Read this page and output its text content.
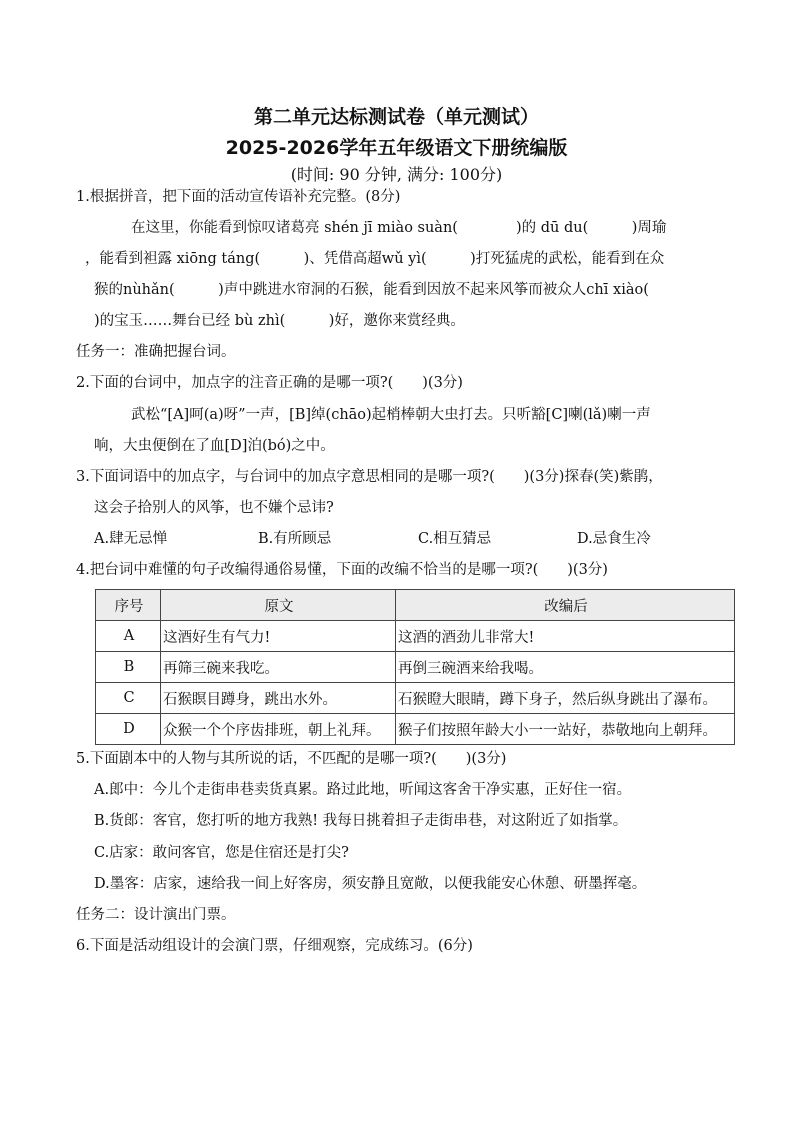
第二单元达标测试卷（单元测试）
2025-2026学年五年级语文下册统编版
(时间: 90 分钟, 满分: 100分)
1.根据拼音，把下面的活动宣传语补充完整。(8分)
在这里，你能看到惊叹诸葛亮 shén jī miào suàn(　　　　)的 dū du(　　　)周瑜
，能看到袒露 xiōng táng(　　　)、凭借高超wǔ yì(　　　)打死猛虎的武松，能看到在众
猴的nùhǎn(　　　)声中跳进水帘洞的石猴，能看到因放不起来风筝而被众人chī xiào(
)的宝玉……舞台已经 bù zhì(　　　)好，邀你来赏经典。
任务一：准确把握台词。
2.下面的台词中，加点字的注音正确的是哪一项?(　　)(3分)
武松“[A]呵(a)呀”一声，[B]绰(chāo)起梢棒朝大虫打去。只听豁[C]喇(lǎ)喇一声
响，大虫便倒在了血[D]泊(bó)之中。
3.下面词语中的加点字，与台词中的加点字意思相同的是哪一项?(　　)(3分)探春(笑)紫鹃，
这会子拾别人的风筝，也不嫌个忌讳?
A.肆无忌惮	B.有所顾忌	C.相互猜忌	D.忌食生冷
4.把台词中难懂的句子改编得通俗易懂，下面的改编不恰当的是哪一项?(　　)(3分)
序号	原文	改编后
A	这酒好生有气力!	这酒的酒劲儿非常大!
B	再筛三碗来我吃。	再倒三碗酒来给我喝。
C	石猴瞑目蹲身，跳出水外。	石猴瞪大眼睛，蹲下身子，然后纵身跳出了瀑布。
D	众猴一个个序齿排班，朝上礼拜。	猴子们按照年龄大小一一站好，恭敬地向上朝拜。
5.下面剧本中的人物与其所说的话，不匹配的是哪一项?(　　)(3分)
A.郎中：今儿个走街串巷卖货真累。路过此地，听闻这客舍干净实惠，正好住一宿。
B.货郎：客官，您打听的地方我熟! 我每日挑着担子走街串巷，对这附近了如指掌。
C.店家：敢问客官，您是住宿还是打尖?
D.墨客：店家，速给我一间上好客房，须安静且宽敞，以便我能安心休憩、研墨挥毫。
任务二：设计演出门票。
6.下面是活动组设计的会演门票，仔细观察，完成练习。(6分)
